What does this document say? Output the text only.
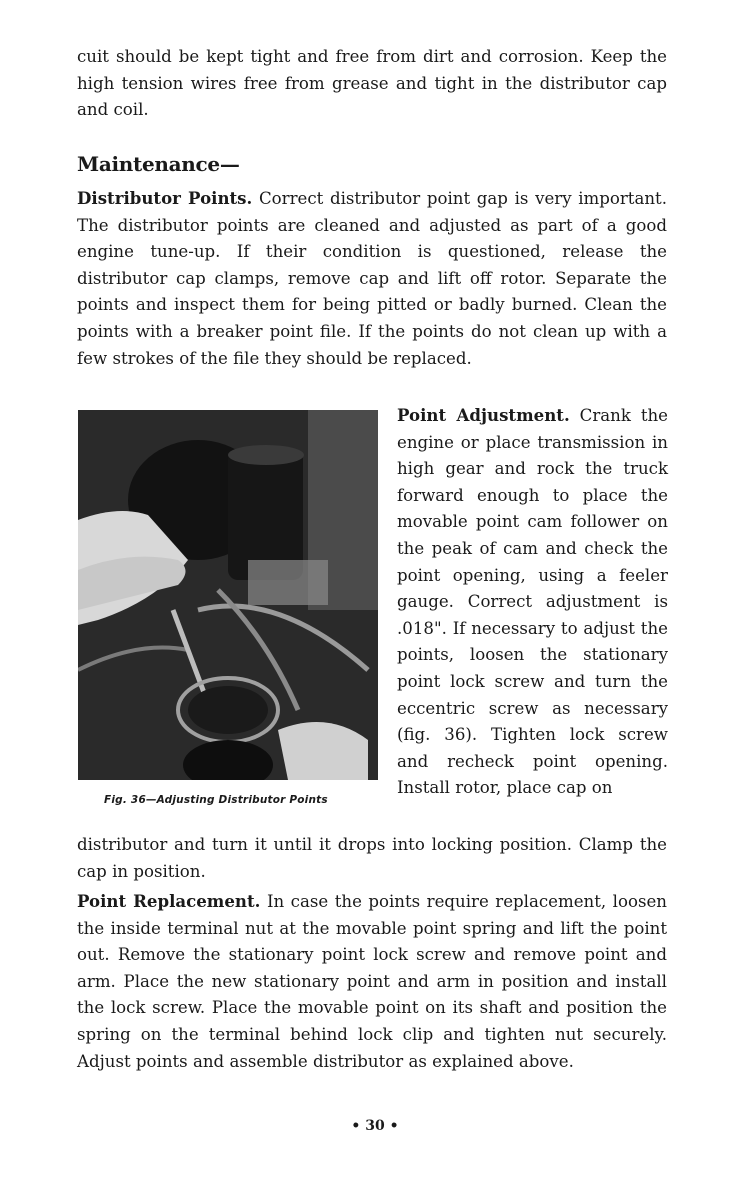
cuit should be kept tight and free from dirt and corrosion. Keep the high tension wires free from grease and tight in the distributor cap and coil.

Maintenance—

Distributor Points. Correct distributor point gap is very important. The distributor points are cleaned and adjusted as part of a good engine tune-up. If their condition is questioned, release the distributor cap clamps, remove cap and lift off rotor. Separate the points and inspect them for being pitted or badly burned. Clean the points with a breaker point file. If the points do not clean up with a few strokes of the file they should be replaced.

Fig. 36—Adjusting Distributor Points

Point Adjustment. Crank the engine or place transmission in high gear and rock the truck forward enough to place the movable point cam follower on the peak of cam and check the point opening, using a feeler gauge. Correct adjustment is .018". If necessary to adjust the points, loosen the stationary point lock screw and turn the eccentric screw as necessary (fig. 36). Tighten lock screw and recheck point opening. Install rotor, place cap on

distributor and turn it until it drops into locking position. Clamp the cap in position.

Point Replacement. In case the points require replacement, loosen the inside terminal nut at the movable point spring and lift the point out. Remove the stationary point lock screw and remove point and arm. Place the new stationary point and arm in position and install the lock screw. Place the movable point on its shaft and position the spring on the terminal behind lock clip and tighten nut securely. Adjust points and assemble distributor as explained above.

• 30 •
